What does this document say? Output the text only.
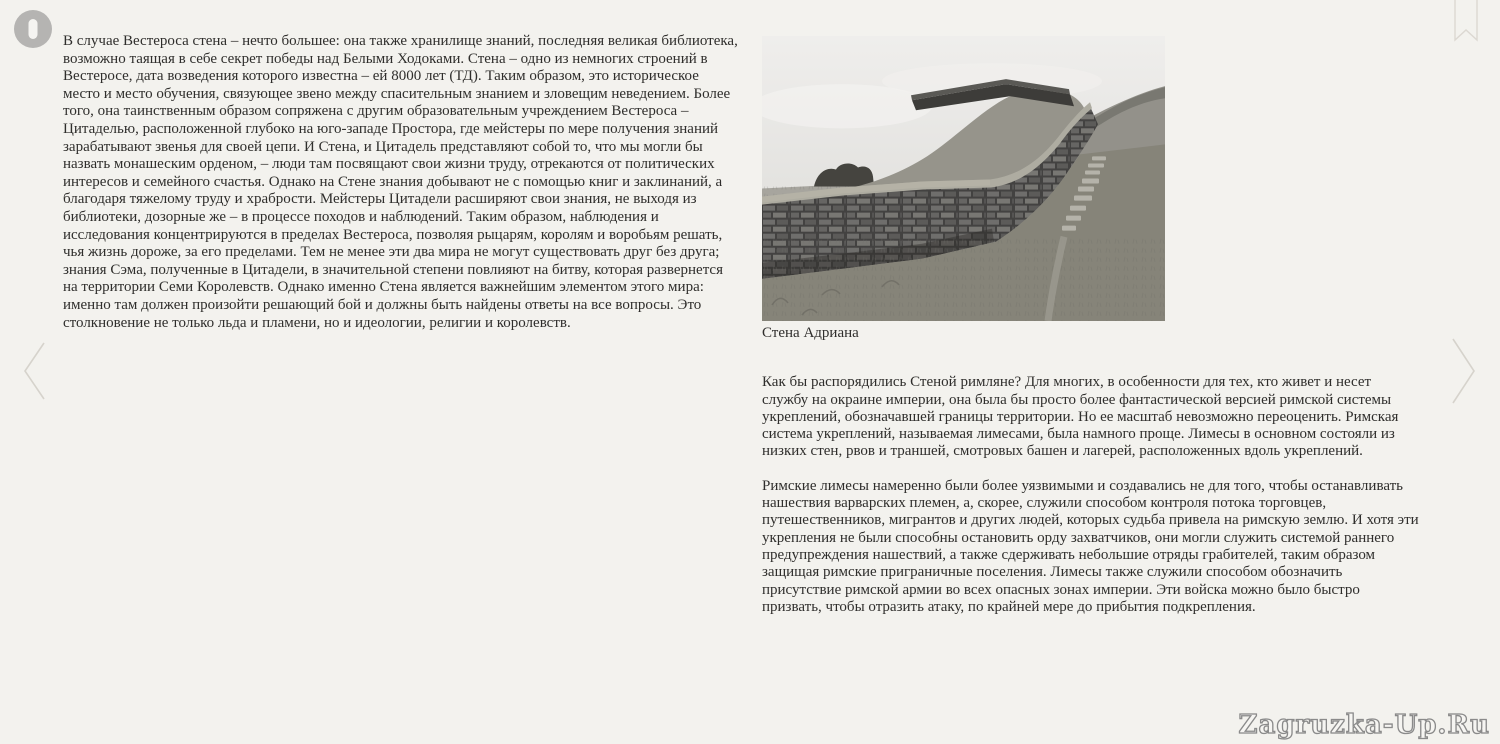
В случае Вестероса стена – нечто большее: она также хранилище знаний, последняя великая библиотека, возможно таящая в себе секрет победы над Белыми Ходоками. Стена – одно из немногих строений в Вестеросе, дата возведения которого известна – ей 8000 лет (ТД). Таким образом, это историческое место и место обучения, связующее звено между спасительным знанием и зловещим неведением. Более того, она таинственным образом сопряжена с другим образовательным учреждением Вестероса – Цитаделью, расположенной глубоко на юго-западе Простора, где мейстеры по мере получения знаний зарабатывают звенья для своей цепи. И Стена, и Цитадель представляют собой то, что мы могли бы назвать монашеским орденом, – люди там посвящают свои жизни труду, отрекаются от политических интересов и семейного счастья. Однако на Стене знания добывают не с помощью книг и заклинаний, а благодаря тяжелому труду и храбрости. Мейстеры Цитадели расширяют свои знания, не выходя из библиотеки, дозорные же – в процессе походов и наблюдений. Таким образом, наблюдения и исследования концентрируются в пределах Вестероса, позволяя рыцарям, королям и воробьям решать, чья жизнь дороже, за его пределами. Тем не менее эти два мира не могут существовать друг без друга; знания Сэма, полученные в Цитадели, в значительной степени повлияют на битву, которая развернется на территории Семи Королевств. Однако именно Стена является важнейшим элементом этого мира: именно там должен произойти решающий бой и должны быть найдены ответы на все вопросы. Это столкновение не только льда и пламени, но и идеологии, религии и королевств.

Стена Адриана

Как бы распорядились Стеной римляне? Для многих, в особенности для тех, кто живет и несет службу на окраине империи, она была бы просто более фантастической версией римской системы укреплений, обозначавшей границы территории. Но ее масштаб невозможно переоценить. Римская система укреплений, называемая лимесами, была намного проще. Лимесы в основном состояли из низких стен, рвов и траншей, смотровых башен и лагерей, расположенных вдоль укреплений.

Римские лимесы намеренно были более уязвимыми и создавались не для того, чтобы останавливать нашествия варварских племен, а, скорее, служили способом контроля потока торговцев, путешественников, мигрантов и других людей, которых судьба привела на римскую землю. И хотя эти укрепления не были способны остановить орду захватчиков, они могли служить системой раннего предупреждения нашествий, а также сдерживать небольшие отряды грабителей, таким образом защищая римские приграничные поселения. Лимесы также служили способом обозначить присутствие римской армии во всех опасных зонах империи. Эти войска можно было быстро призвать, чтобы отразить атаку, по крайней мере до прибытия подкрепления.

Zagruzka-Up.Ru
